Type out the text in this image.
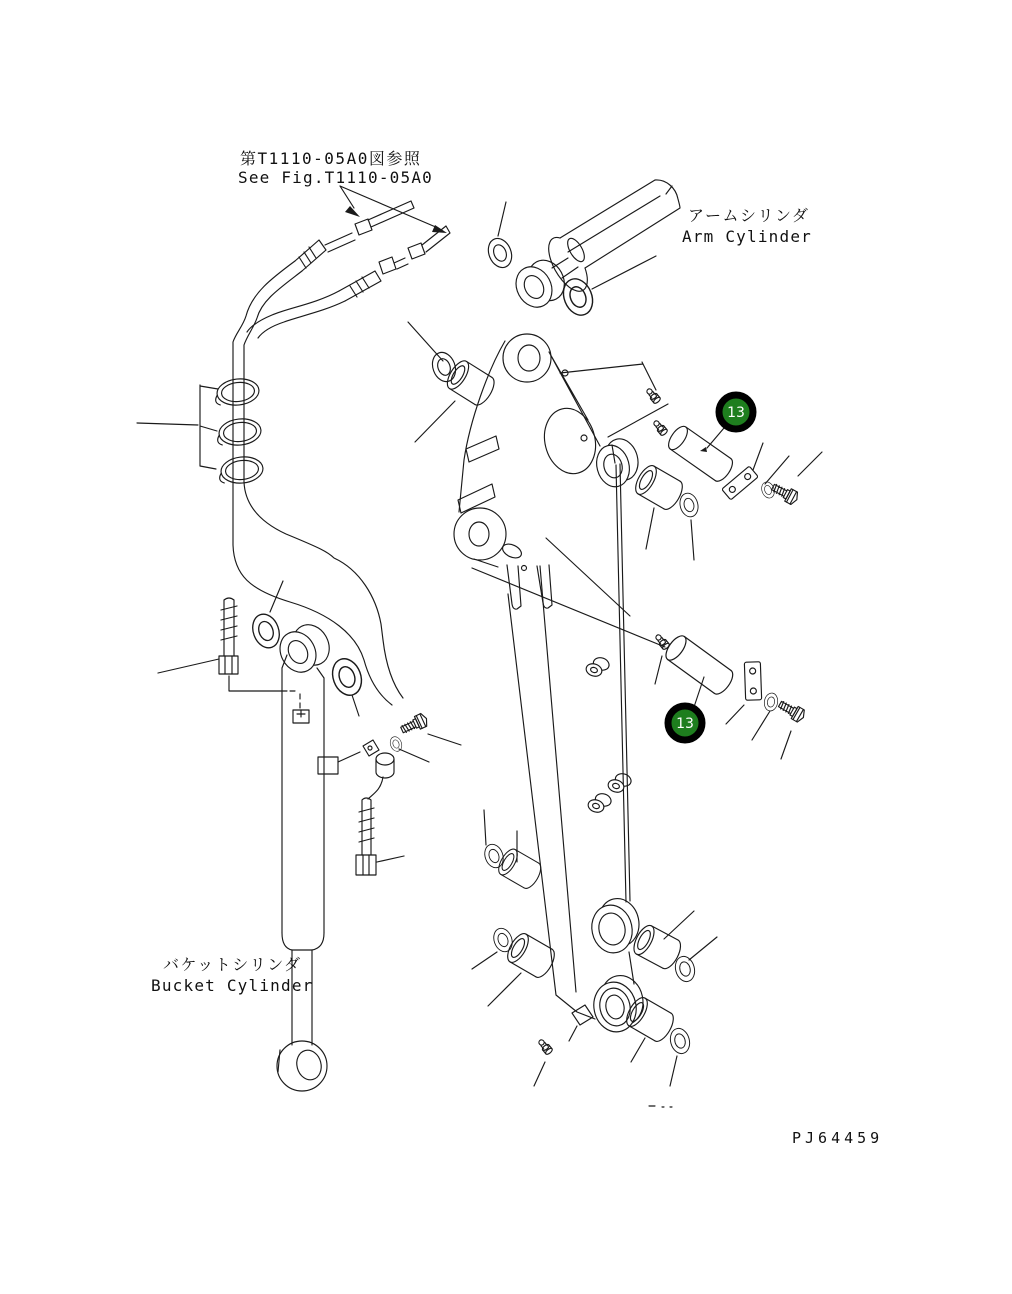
13
13
第T1110-05A0図参照
See Fig.T1110-05A0
アームシリンダ
Arm Cylinder
バケットシリンダ
Bucket Cylinder
PJ64459
